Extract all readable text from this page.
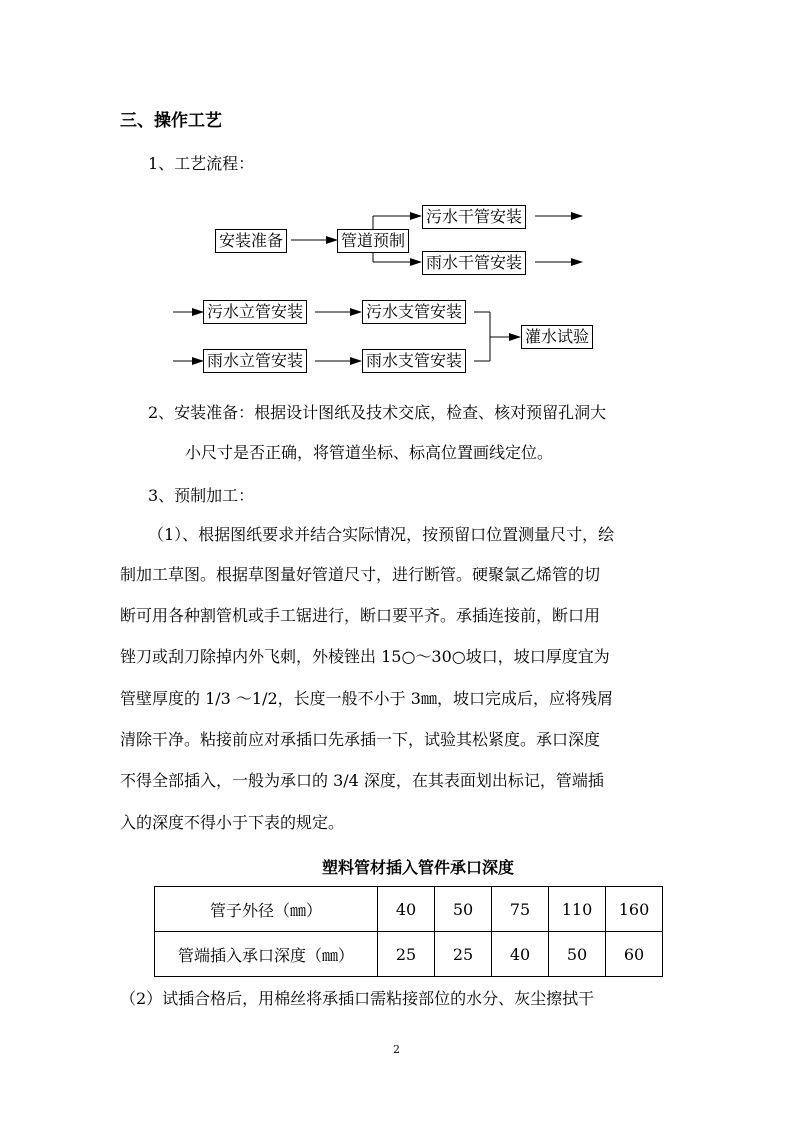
三、操作工艺
1、工艺流程：
安装准备	管道预制
污水干管安装
雨水干管安装
污水立管安装	污水支管安装
雨水立管安装	雨水支管安装
灌水试验
2、安装准备：根据设计图纸及技术交底，检查、核对预留孔洞大
小尺寸是否正确，将管道坐标、标高位置画线定位。
3、预制加工：
（1）、根据图纸要求并结合实际情况，按预留口位置测量尺寸，绘
制加工草图。根据草图量好管道尺寸，进行断管。硬聚氯乙烯管的切
断可用各种割管机或手工锯进行，断口要平齐。承插连接前，断口用
锉刀或刮刀除掉内外飞刺，外棱锉出 15○～30○坡口，坡口厚度宜为
管壁厚度的 1/3 ～1/2，长度一般不小于 3㎜，坡口完成后，应将残屑
清除干净。粘接前应对承插口先承插一下，试验其松紧度。承口深度
不得全部插入，一般为承口的 3/4 深度，在其表面划出标记，管端插
入的深度不得小于下表的规定。
塑料管材插入管件承口深度
管子外径（㎜）	40	50	75	110	160
管端插入承口深度（㎜）	25	25	40	50	60
（2）试插合格后，用棉丝将承插口需粘接部位的水分、灰尘擦拭干
2
